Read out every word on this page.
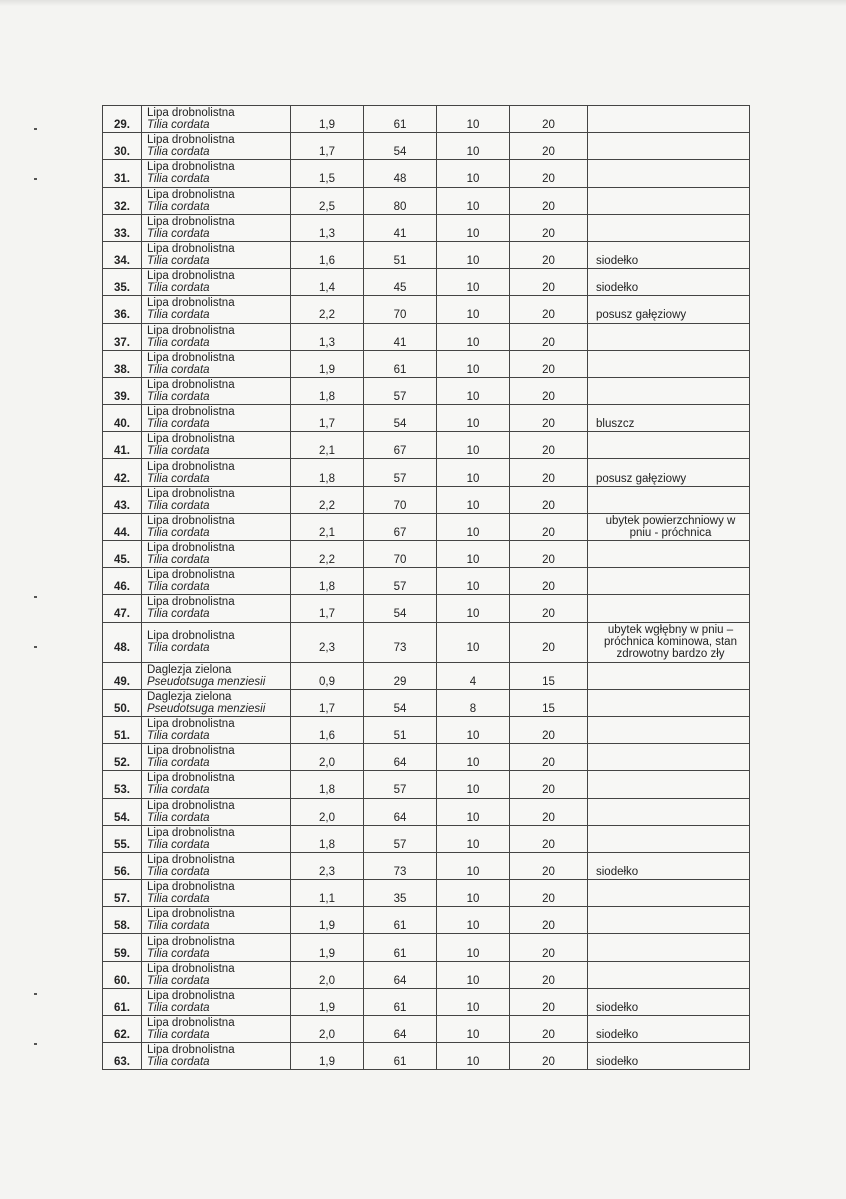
29.	Lipa drobnolistna
Tilia cordata	1,9	61	10	20	
30.	Lipa drobnolistna
Tilia cordata	1,7	54	10	20	
31.	Lipa drobnolistna
Tilia cordata	1,5	48	10	20	
32.	Lipa drobnolistna
Tilia cordata	2,5	80	10	20	
33.	Lipa drobnolistna
Tilia cordata	1,3	41	10	20	
34.	Lipa drobnolistna
Tilia cordata	1,6	51	10	20	siodełko
35.	Lipa drobnolistna
Tilia cordata	1,4	45	10	20	siodełko
36.	Lipa drobnolistna
Tilia cordata	2,2	70	10	20	posusz gałęziowy
37.	Lipa drobnolistna
Tilia cordata	1,3	41	10	20	
38.	Lipa drobnolistna
Tilia cordata	1,9	61	10	20	
39.	Lipa drobnolistna
Tilia cordata	1,8	57	10	20	
40.	Lipa drobnolistna
Tilia cordata	1,7	54	10	20	bluszcz
41.	Lipa drobnolistna
Tilia cordata	2,1	67	10	20	
42.	Lipa drobnolistna
Tilia cordata	1,8	57	10	20	posusz gałęziowy
43.	Lipa drobnolistna
Tilia cordata	2,2	70	10	20	
44.	Lipa drobnolistna
Tilia cordata	2,1	67	10	20	ubytek powierzchniowy w pniu - próchnica
45.	Lipa drobnolistna
Tilia cordata	2,2	70	10	20	
46.	Lipa drobnolistna
Tilia cordata	1,8	57	10	20	
47.	Lipa drobnolistna
Tilia cordata	1,7	54	10	20	
48.	Lipa drobnolistna
Tilia cordata	2,3	73	10	20	ubytek wgłębny w pniu – próchnica kominowa, stan zdrowotny bardzo zły
49.	Daglezja zielona
Pseudotsuga menziesii	0,9	29	4	15	
50.	Daglezja zielona
Pseudotsuga menziesii	1,7	54	8	15	
51.	Lipa drobnolistna
Tilia cordata	1,6	51	10	20	
52.	Lipa drobnolistna
Tilia cordata	2,0	64	10	20	
53.	Lipa drobnolistna
Tilia cordata	1,8	57	10	20	
54.	Lipa drobnolistna
Tilia cordata	2,0	64	10	20	
55.	Lipa drobnolistna
Tilia cordata	1,8	57	10	20	
56.	Lipa drobnolistna
Tilia cordata	2,3	73	10	20	siodełko
57.	Lipa drobnolistna
Tilia cordata	1,1	35	10	20	
58.	Lipa drobnolistna
Tilia cordata	1,9	61	10	20	
59.	Lipa drobnolistna
Tilia cordata	1,9	61	10	20	
60.	Lipa drobnolistna
Tilia cordata	2,0	64	10	20	
61.	Lipa drobnolistna
Tilia cordata	1,9	61	10	20	siodełko
62.	Lipa drobnolistna
Tilia cordata	2,0	64	10	20	siodełko
63.	Lipa drobnolistna
Tilia cordata	1,9	61	10	20	siodełko
